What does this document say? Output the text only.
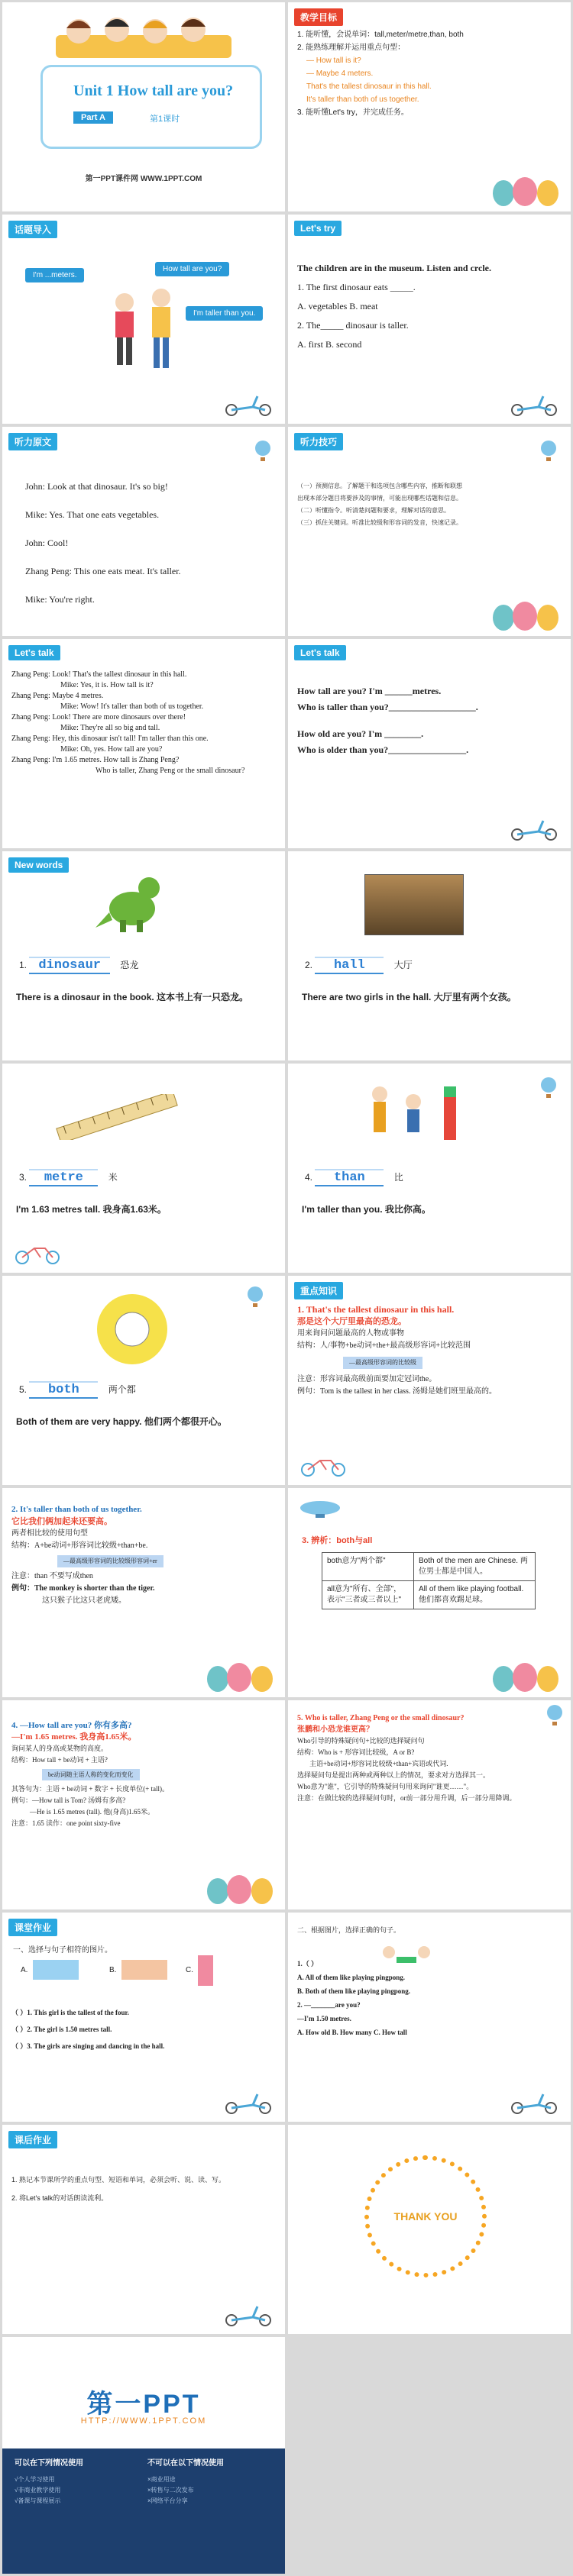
Unit 1 How tall are you?
Part A	第1课时
第一PPT课件网 WWW.1PPT.COM
教学目标
1. 能听懂，会说单词：tall,meter/metre,than, both
2. 能熟练理解并运用重点句型：
— How tall is it?
— Maybe 4 meters.
That's the tallest dinosaur in this hall.
It's taller than both of us together.
3. 能听懂Let's try，并完成任务。
话题导入
I'm ...meters.
How tall are you?
I'm taller than you.
Let's try
The children are in the museum. Listen and crcle.
1. The first dinosaur eats _____.
A. vegetables B. meat
2. The_____ dinosaur is taller.
A. first B. second
听力原文
John: Look at that dinosaur. It's so big!
Mike: Yes. That one eats vegetables.
John: Cool!
Zhang Peng: This one eats meat. It's taller.
Mike: You're right.
听力技巧
（一）预测信息。了解题干和选项包含哪些内容，推断和联想
出现本部分题目将要涉及的事情，可能出现哪些话题和信息。
（二）听懂指令。听清楚问题和要求，理解对话的意思。
（三）抓住关键词。听准比较级和形容词的发音，快速记录。
Let's talk
Zhang Peng: Look! That's the tallest dinosaur in this hall.
Mike: Yes, it is. How tall is it?
Zhang Peng: Maybe 4 metres.
Mike: Wow! It's taller than both of us together.
Zhang Peng: Look! There are more dinosaurs over there!
Mike: They're all so big and tall.
Zhang Peng: Hey, this dinosaur isn't tall! I'm taller than this one.
Mike: Oh, yes. How tall are you?
Zhang Peng: I'm 1.65 metres. How tall is Zhang Peng?
Who is taller, Zhang Peng or the small dinosaur?
Let's talk
How tall are you? I'm ______metres.
Who is taller than you?___________________.
How old are you? I'm ________.
Who is older than you?_________________.
New words
1. dinosaur 恐龙
There is a dinosaur in the book. 这本书上有一只恐龙。
2. hall	大厅
There are two girls in the hall. 大厅里有两个女孩。
3. metre	米
I'm 1.63 metres tall. 我身高1.63米。
4. than	比
I'm taller than you. 我比你高。
5. both	两个都
Both of them are very happy. 他们两个都很开心。
重点知识
1. That's the tallest dinosaur in this hall.
那是这个大厅里最高的恐龙。
用来询问问题最高的人物或事物
结构：人/事物+be动词+the+最高级形容词+比较范围
—最高级形容词的比较级
注意：形容词最高级前面要加定冠词the。
例句：Tom is the tallest in her class. 汤姆是她们班里最高的。
2. It's taller than both of us together.
它比我们俩加起来还要高。
两者相比较的使用句型
结构：A+be动词+形容词比较级+than+be.
—最高级形容词的比较级形容词+er
注意：than 不要写成then
例句：The monkey is shorter than the tiger.
这只猴子比这只老虎矮。
3. 辨析：both与all
both意为"两个都"	Both of the men are Chinese. 两位男士都是中国人。
all意为"所有、全部"，表示"三者或三者以上"	All of them like playing football. 他们都喜欢踢足球。
4. —How tall are you? 你有多高?
—I'm 1.65 metres. 我身高1.65米。
询问某人的身高或某物的高度。
结构：How tall + be动词 + 主语?
be动词随主语人称的变化而变化
其答句为：主语 + be动词 + 数字 + 长度单位(+ tall)。
例句：—How tall is Tom? 汤姆有多高?
—He is 1.65 metres (tall). 他(身高)1.65米。
注意：1.65 读作：one point sixty-five
5. Who is taller, Zhang Peng or the small dinosaur?
张鹏和小恐龙谁更高？
Who引导的特殊疑问句+比较的选择疑问句
结构：Who is + 形容词比较级，A or B?
主语+be动词+形容词比较级+than+宾语或代词.
选择疑问句是提出两种或两种以上的情况，要求对方选择其一。
Who意为"谁"，它引导的特殊疑问句用来询问"谁更……"。
注意：在做比较的选择疑问句时，or前一部分用升调，后一部分用降调。
课堂作业
一、选择与句子相符的图片。
A.	B.	C.
（ ）1. This girl is the tallest of the four.
（ ）2. The girl is 1.50 metres tall.
（ ）3. The girls are singing and dancing in the hall.
二、根据图片，选择正确的句子。
1.（ ）
A. All of them like playing pingpong.
B. Both of them like playing pingpong.
2. —_______are you?
—I'm 1.50 metres.
A. How old B. How many C. How tall
课后作业
1. 熟记本节课所学的重点句型、短语和单词，必须会听、说、读、写。
2. 将Let's talk的对话朗读流利。
THANK YOU
第一PPT
HTTP://WWW.1PPT.COM
可以在下列情况使用	不可以在以下情况使用
√个人学习使用
√非商业教学使用
√备课与课程展示
×商业用途
×转售与二次发布
×网络平台分享
